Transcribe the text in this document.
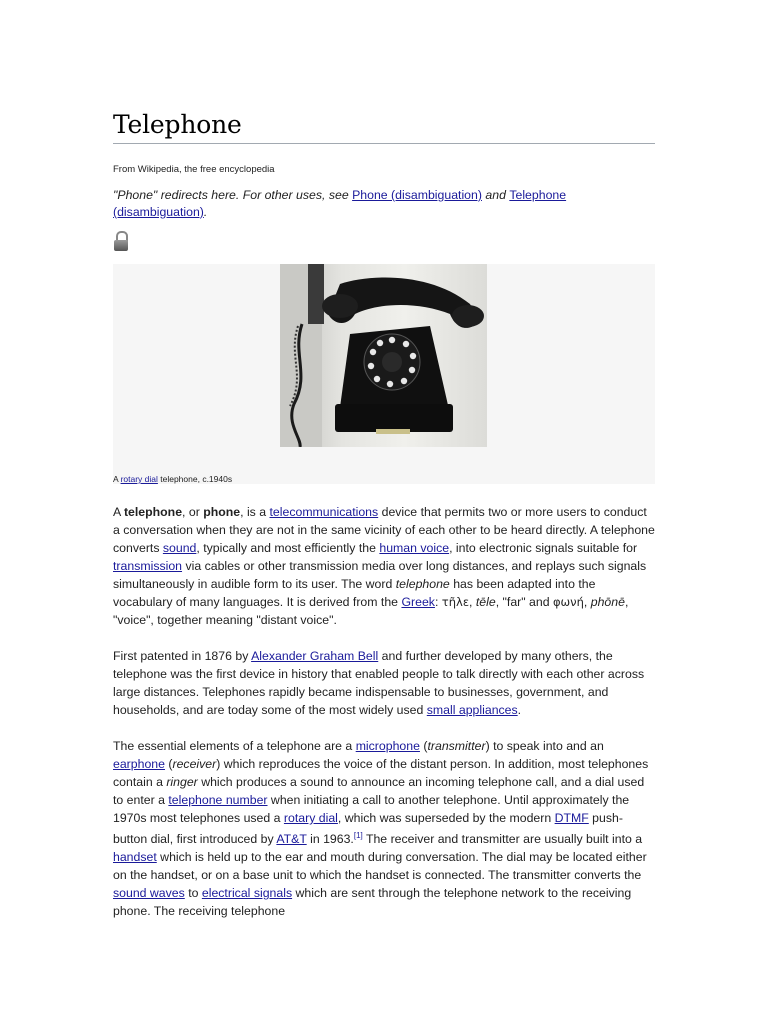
Telephone
From Wikipedia, the free encyclopedia
"Phone" redirects here. For other uses, see Phone (disambiguation) and Telephone (disambiguation).
A rotary dial telephone, c.1940s

A telephone, or phone, is a telecommunications device that permits two or more users to conduct a conversation when they are not in the same vicinity of each other to be heard directly. A telephone converts sound, typically and most efficiently the human voice, into electronic signals suitable for transmission via cables or other transmission media over long distances, and replays such signals simultaneously in audible form to its user. The word telephone has been adapted into the vocabulary of many languages. It is derived from the Greek: τῆλε, tēle, "far" and φωνή, phōnē, "voice", together meaning "distant voice".

First patented in 1876 by Alexander Graham Bell and further developed by many others, the telephone was the first device in history that enabled people to talk directly with each other across large distances. Telephones rapidly became indispensable to businesses, government, and households, and are today some of the most widely used small appliances.

The essential elements of a telephone are a microphone (transmitter) to speak into and an earphone (receiver) which reproduces the voice of the distant person. In addition, most telephones contain a ringer which produces a sound to announce an incoming telephone call, and a dial used to enter a telephone number when initiating a call to another telephone. Until approximately the 1970s most telephones used a rotary dial, which was superseded by the modern DTMF push-button dial, first introduced by AT&T in 1963.[1] The receiver and transmitter are usually built into a handset which is held up to the ear and mouth during conversation. The dial may be located either on the handset, or on a base unit to which the handset is connected. The transmitter converts the sound waves to electrical signals which are sent through the telephone network to the receiving phone. The receiving telephone
